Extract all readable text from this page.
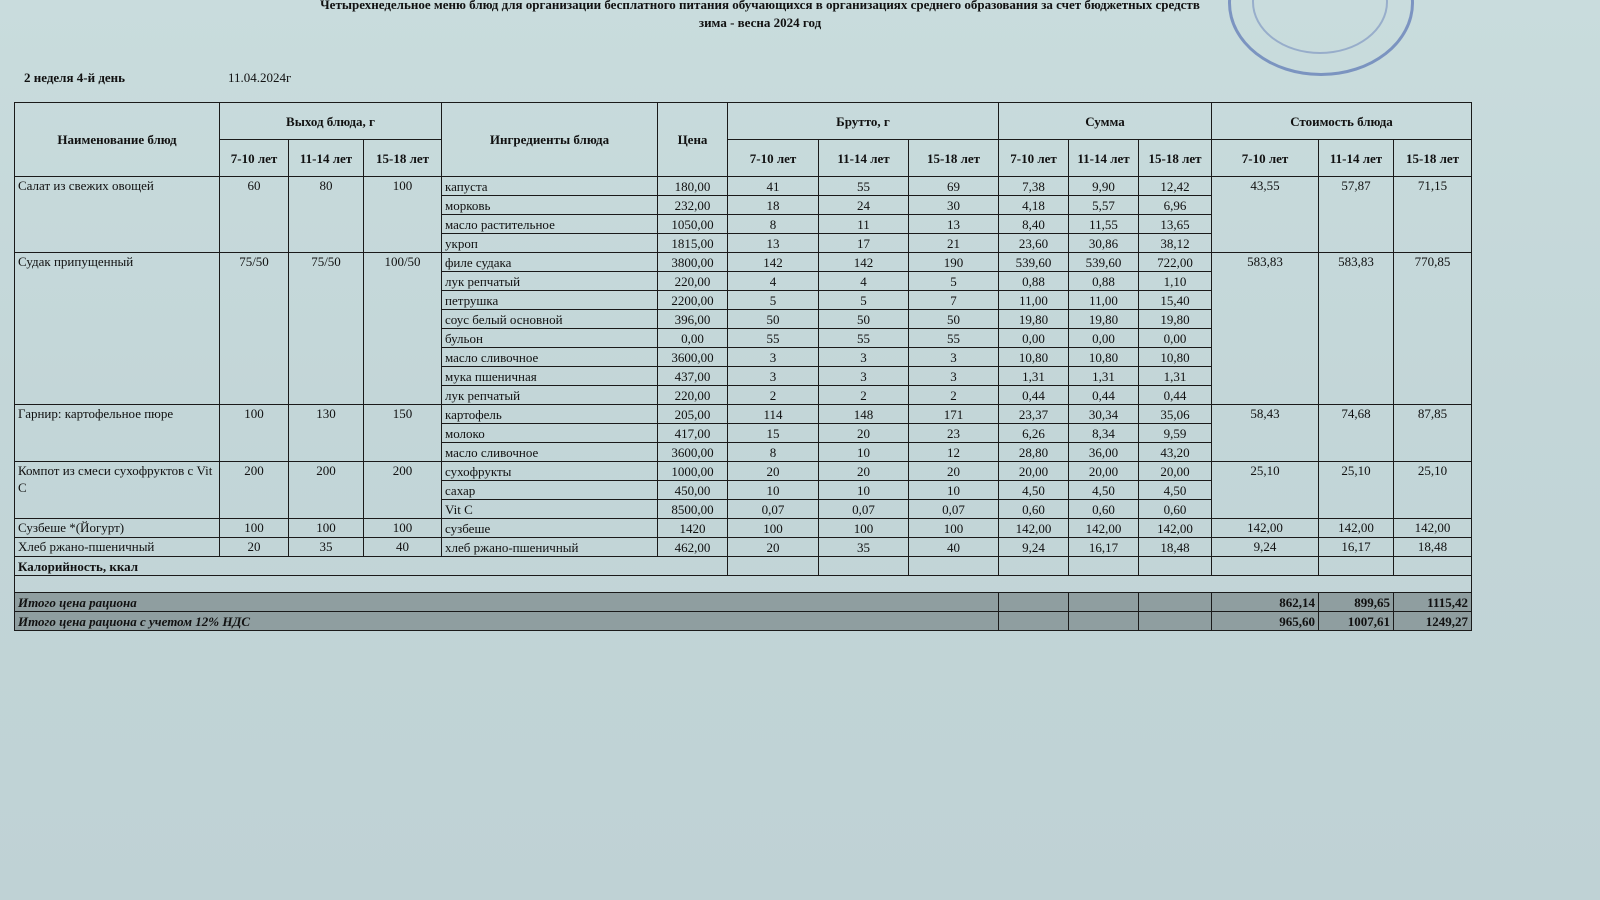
Четырехнедельное меню блюд для организации бесплатного питания обучающихся в организациях среднего образования за счет бюджетных средств
зима - весна 2024 год
2 неделя 4-й день	11.04.2024г
Наименование блюд	Выход блюда, г			Ингредиенты блюда	Цена	Брутто, г			Сумма			Стоимость блюда		
	7-10 лет	11-14 лет	15-18 лет			7-10 лет	11-14 лет	15-18 лет	7-10 лет	11-14 лет	15-18 лет	7-10 лет	11-14 лет	15-18 лет
Салат из свежих овощей	60	80	100	капуста	180,00	41	55	69	7,38	9,90	12,42	43,55	57,87	71,15
				морковь	232,00	18	24	30	4,18	5,57	6,96			
				масло растительное	1050,00	8	11	13	8,40	11,55	13,65			
				укроп	1815,00	13	17	21	23,60	30,86	38,12			
Судак припущенный	75/50	75/50	100/50	филе судака	3800,00	142	142	190	539,60	539,60	722,00	583,83	583,83	770,85
				лук репчатый	220,00	4	4	5	0,88	0,88	1,10			
				петрушка	2200,00	5	5	7	11,00	11,00	15,40			
				соус белый основной	396,00	50	50	50	19,80	19,80	19,80			
				бульон	0,00	55	55	55	0,00	0,00	0,00			
				масло сливочное	3600,00	3	3	3	10,80	10,80	10,80			
				мука пшеничная	437,00	3	3	3	1,31	1,31	1,31			
				лук репчатый	220,00	2	2	2	0,44	0,44	0,44			
Гарнир: картофельное пюре	100	130	150	картофель	205,00	114	148	171	23,37	30,34	35,06	58,43	74,68	87,85
				молоко	417,00	15	20	23	6,26	8,34	9,59			
				масло сливочное	3600,00	8	10	12	28,80	36,00	43,20			
Компот из смеси сухофруктов с Vit C	200	200	200	сухофрукты	1000,00	20	20	20	20,00	20,00	20,00	25,10	25,10	25,10
				сахар	450,00	10	10	10	4,50	4,50	4,50			
				Vit C	8500,00	0,07	0,07	0,07	0,60	0,60	0,60			
Сузбеше *(Йогурт)	100	100	100	сузбеше	1420	100	100	100	142,00	142,00	142,00	142,00	142,00	142,00
Хлеб ржано-пшеничный	20	35	40	хлеб ржано-пшеничный	462,00	20	35	40	9,24	16,17	18,48	9,24	16,17	18,48
Калорийность, ккал														

Итого цена рациона												862,14	899,65	1115,42
Итого цена рациона с учетом 12% НДС												965,60	1007,61	1249,27
